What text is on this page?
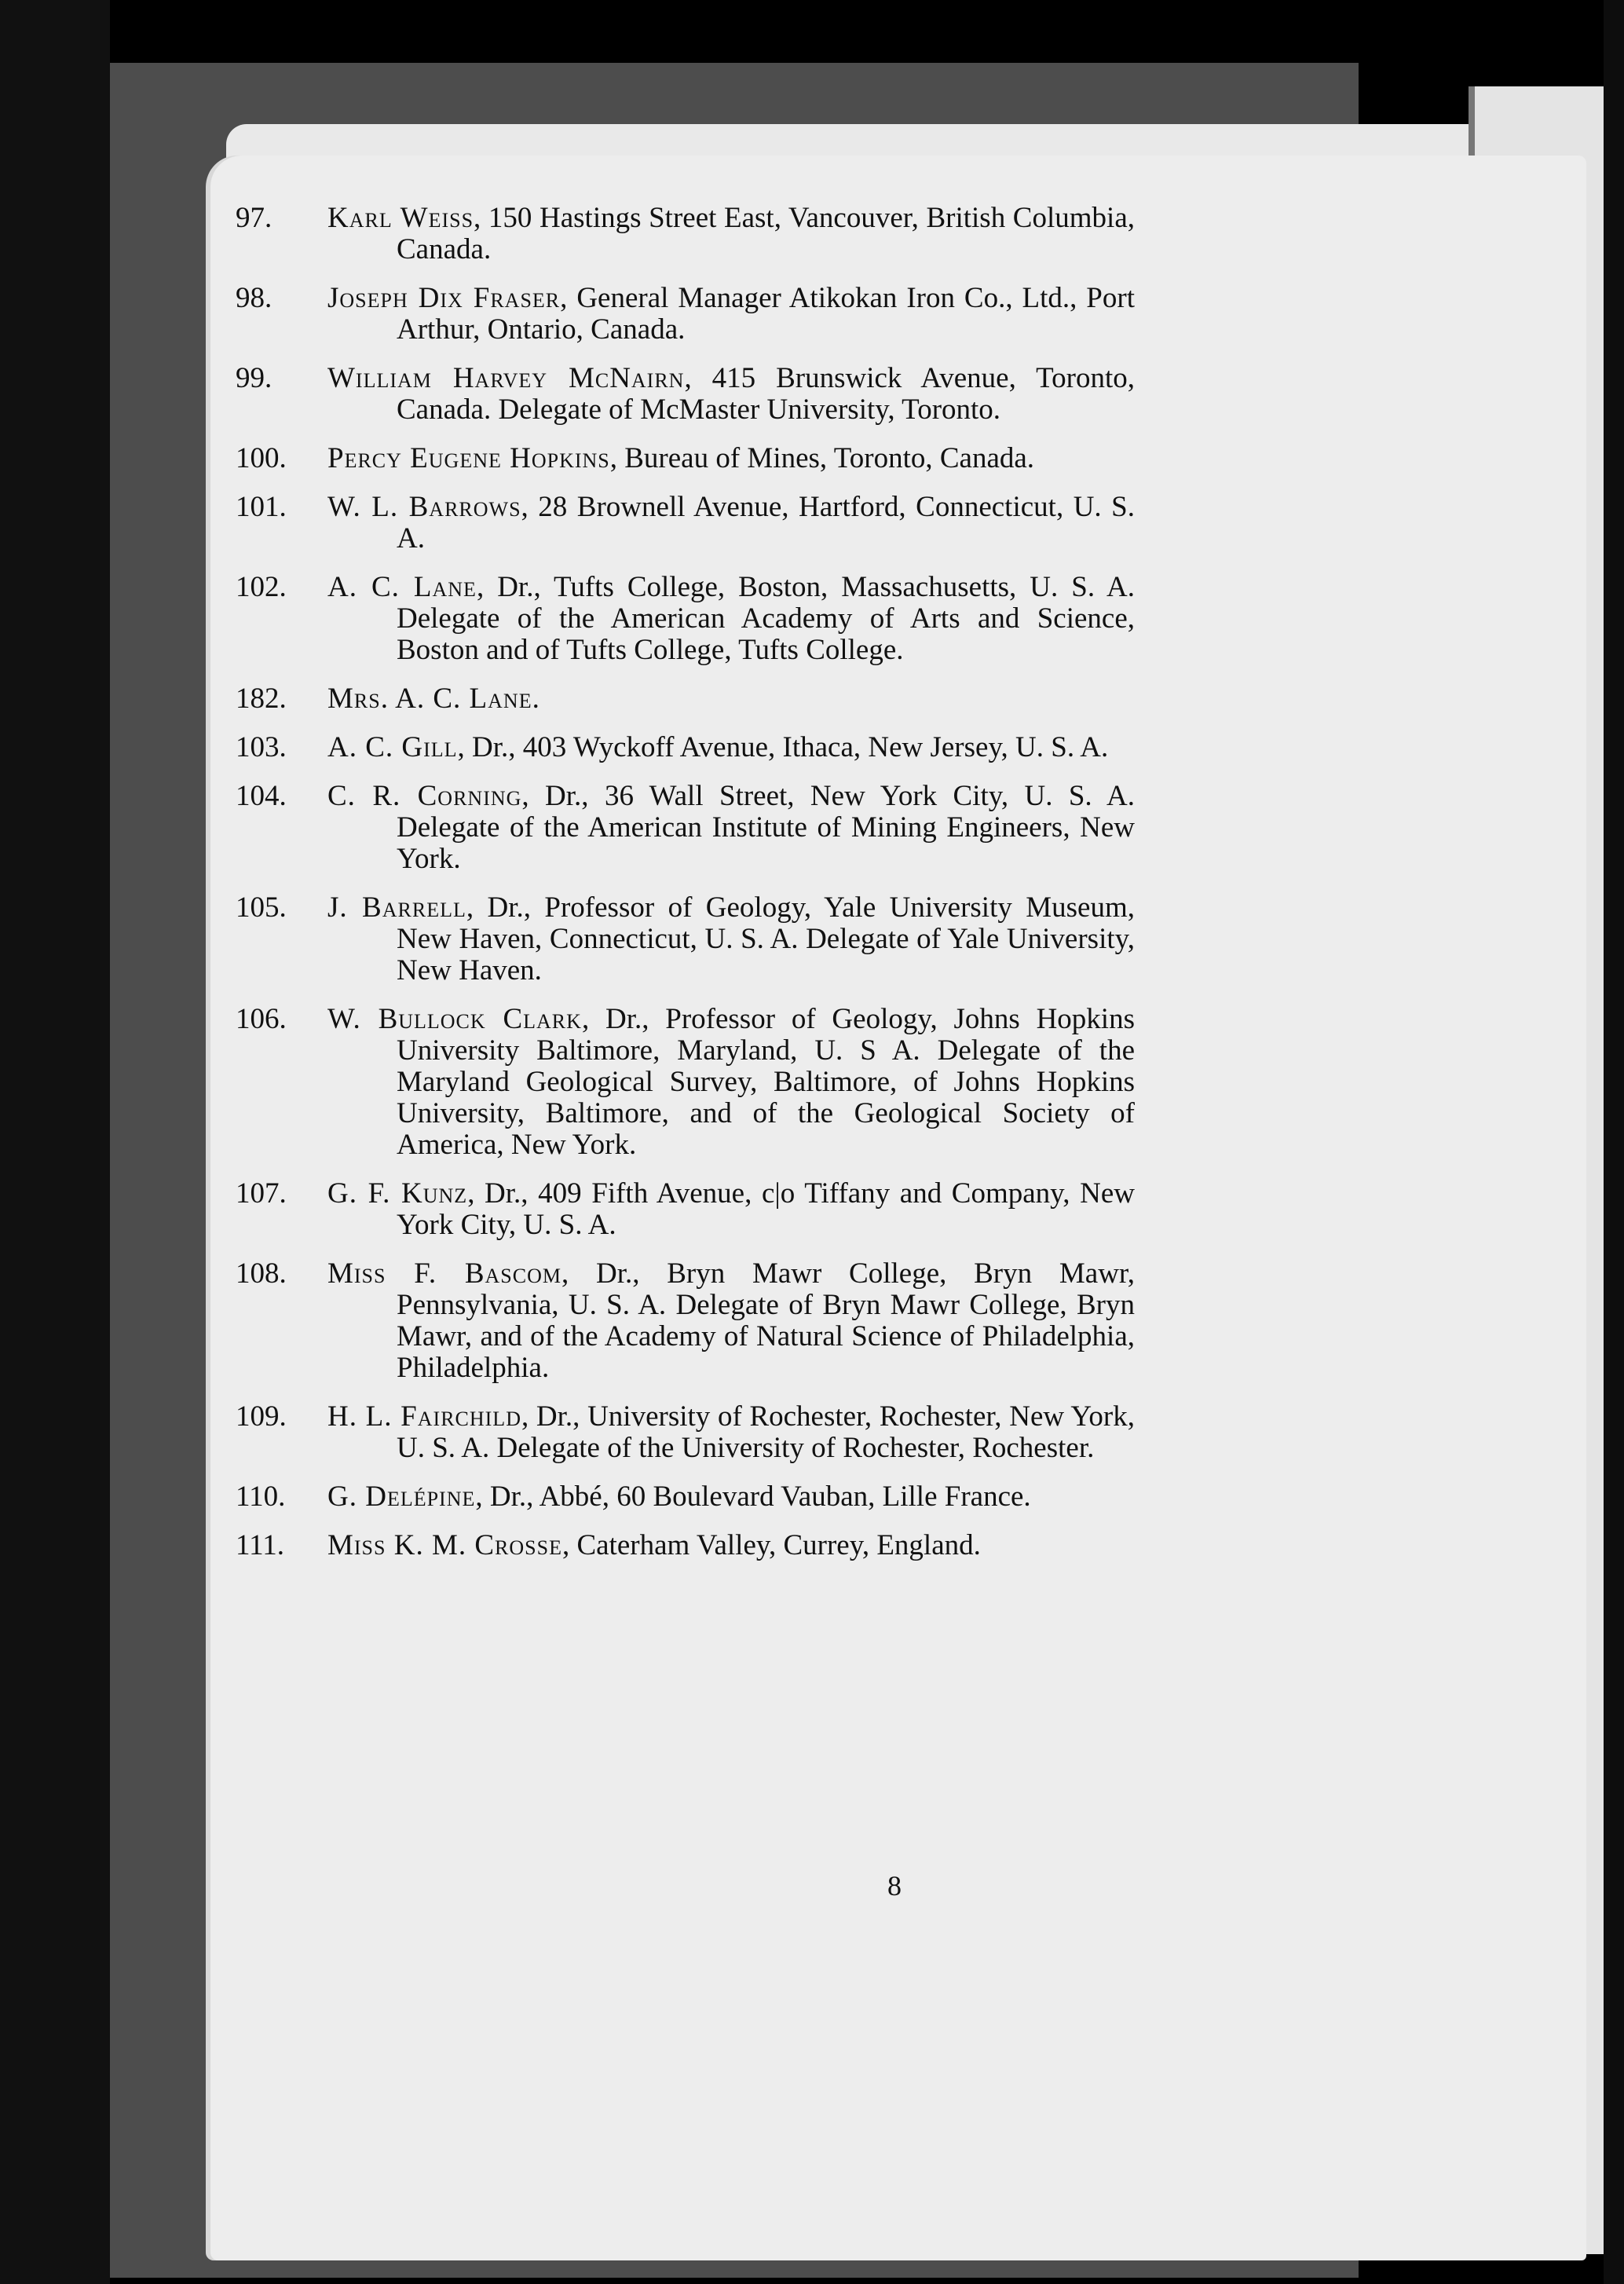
97.	Karl Weiss, 150 Hastings Street East, Vancouver, British Columbia, Canada.
98.	Joseph Dix Fraser, General Manager Atikokan Iron Co., Ltd., Port Arthur, Ontario, Canada.
99.	William Harvey McNairn, 415 Brunswick Avenue, Toronto, Canada. Delegate of McMaster University, Toronto.
100.	Percy Eugene Hopkins, Bureau of Mines, Toronto, Canada.
101.	W. L. Barrows, 28 Brownell Avenue, Hartford, Connecticut, U. S. A.
102.	A. C. Lane, Dr., Tufts College, Boston, Massachusetts, U. S. A. Delegate of the American Academy of Arts and Science, Boston and of Tufts College, Tufts College.
182.	Mrs. A. C. Lane.
103.	A. C. Gill, Dr., 403 Wyckoff Avenue, Ithaca, New Jersey, U. S. A.
104.	C. R. Corning, Dr., 36 Wall Street, New York City, U. S. A. Delegate of the American Institute of Mining Engineers, New York.
105.	J. Barrell, Dr., Professor of Geology, Yale University Museum, New Haven, Connecticut, U. S. A. Delegate of Yale University, New Haven.
106.	W. Bullock Clark, Dr., Professor of Geology, Johns Hopkins University Baltimore, Maryland, U. S A. Delegate of the Maryland Geological Survey, Baltimore, of Johns Hopkins University, Baltimore, and of the Geological Society of America, New York.
107.	G. F. Kunz, Dr., 409 Fifth Avenue, c|o Tiffany and Company, New York City, U. S. A.
108.	Miss F. Bascom, Dr., Bryn Mawr College, Bryn Mawr, Pennsylvania, U. S. A. Delegate of Bryn Mawr College, Bryn Mawr, and of the Academy of Natural Science of Philadelphia, Philadelphia.
109.	H. L. Fairchild, Dr., University of Rochester, Rochester, New York, U. S. A. Delegate of the University of Rochester, Rochester.
110.	G. Delépine, Dr., Abbé, 60 Boulevard Vauban, Lille France.
111.	Miss K. M. Crosse, Caterham Valley, Currey, England.
8
